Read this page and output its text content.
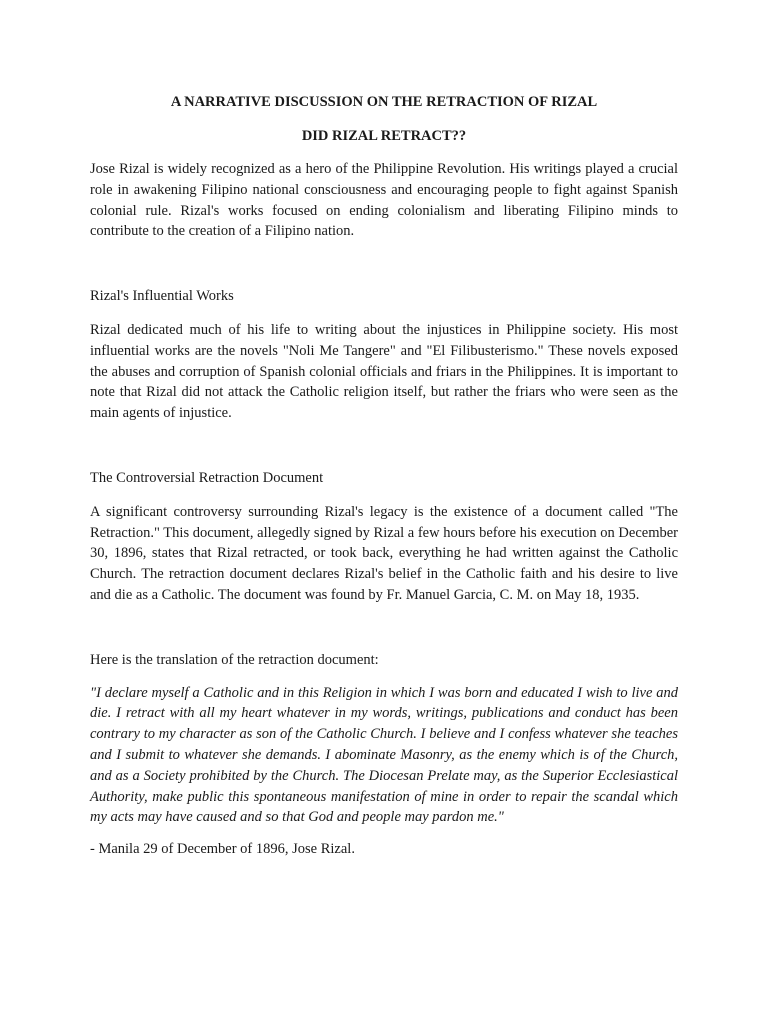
A NARRATIVE DISCUSSION ON THE RETRACTION OF RIZAL
DID RIZAL RETRACT??

Jose Rizal is widely recognized as a hero of the Philippine Revolution. His writings played a crucial role in awakening Filipino national consciousness and encouraging people to fight against Spanish colonial rule. Rizal's works focused on ending colonialism and liberating Filipino minds to contribute to the creation of a Filipino nation.

Rizal's Influential Works

Rizal dedicated much of his life to writing about the injustices in Philippine society. His most influential works are the novels "Noli Me Tangere" and "El Filibusterismo." These novels exposed the abuses and corruption of Spanish colonial officials and friars in the Philippines. It is important to note that Rizal did not attack the Catholic religion itself, but rather the friars who were seen as the main agents of injustice.

The Controversial Retraction Document

A significant controversy surrounding Rizal's legacy is the existence of a document called "The Retraction." This document, allegedly signed by Rizal a few hours before his execution on December 30, 1896, states that Rizal retracted, or took back, everything he had written against the Catholic Church. The retraction document declares Rizal's belief in the Catholic faith and his desire to live and die as a Catholic. The document was found by Fr. Manuel Garcia, C. M. on May 18, 1935.

Here is the translation of the retraction document:

"I declare myself a Catholic and in this Religion in which I was born and educated I wish to live and die. I retract with all my heart whatever in my words, writings, publications and conduct has been contrary to my character as son of the Catholic Church. I believe and I confess whatever she teaches and I submit to whatever she demands. I abominate Masonry, as the enemy which is of the Church, and as a Society prohibited by the Church. The Diocesan Prelate may, as the Superior Ecclesiastical Authority, make public this spontaneous manifestation of mine in order to repair the scandal which my acts may have caused and so that God and people may pardon me."

- Manila 29 of December of 1896, Jose Rizal.
